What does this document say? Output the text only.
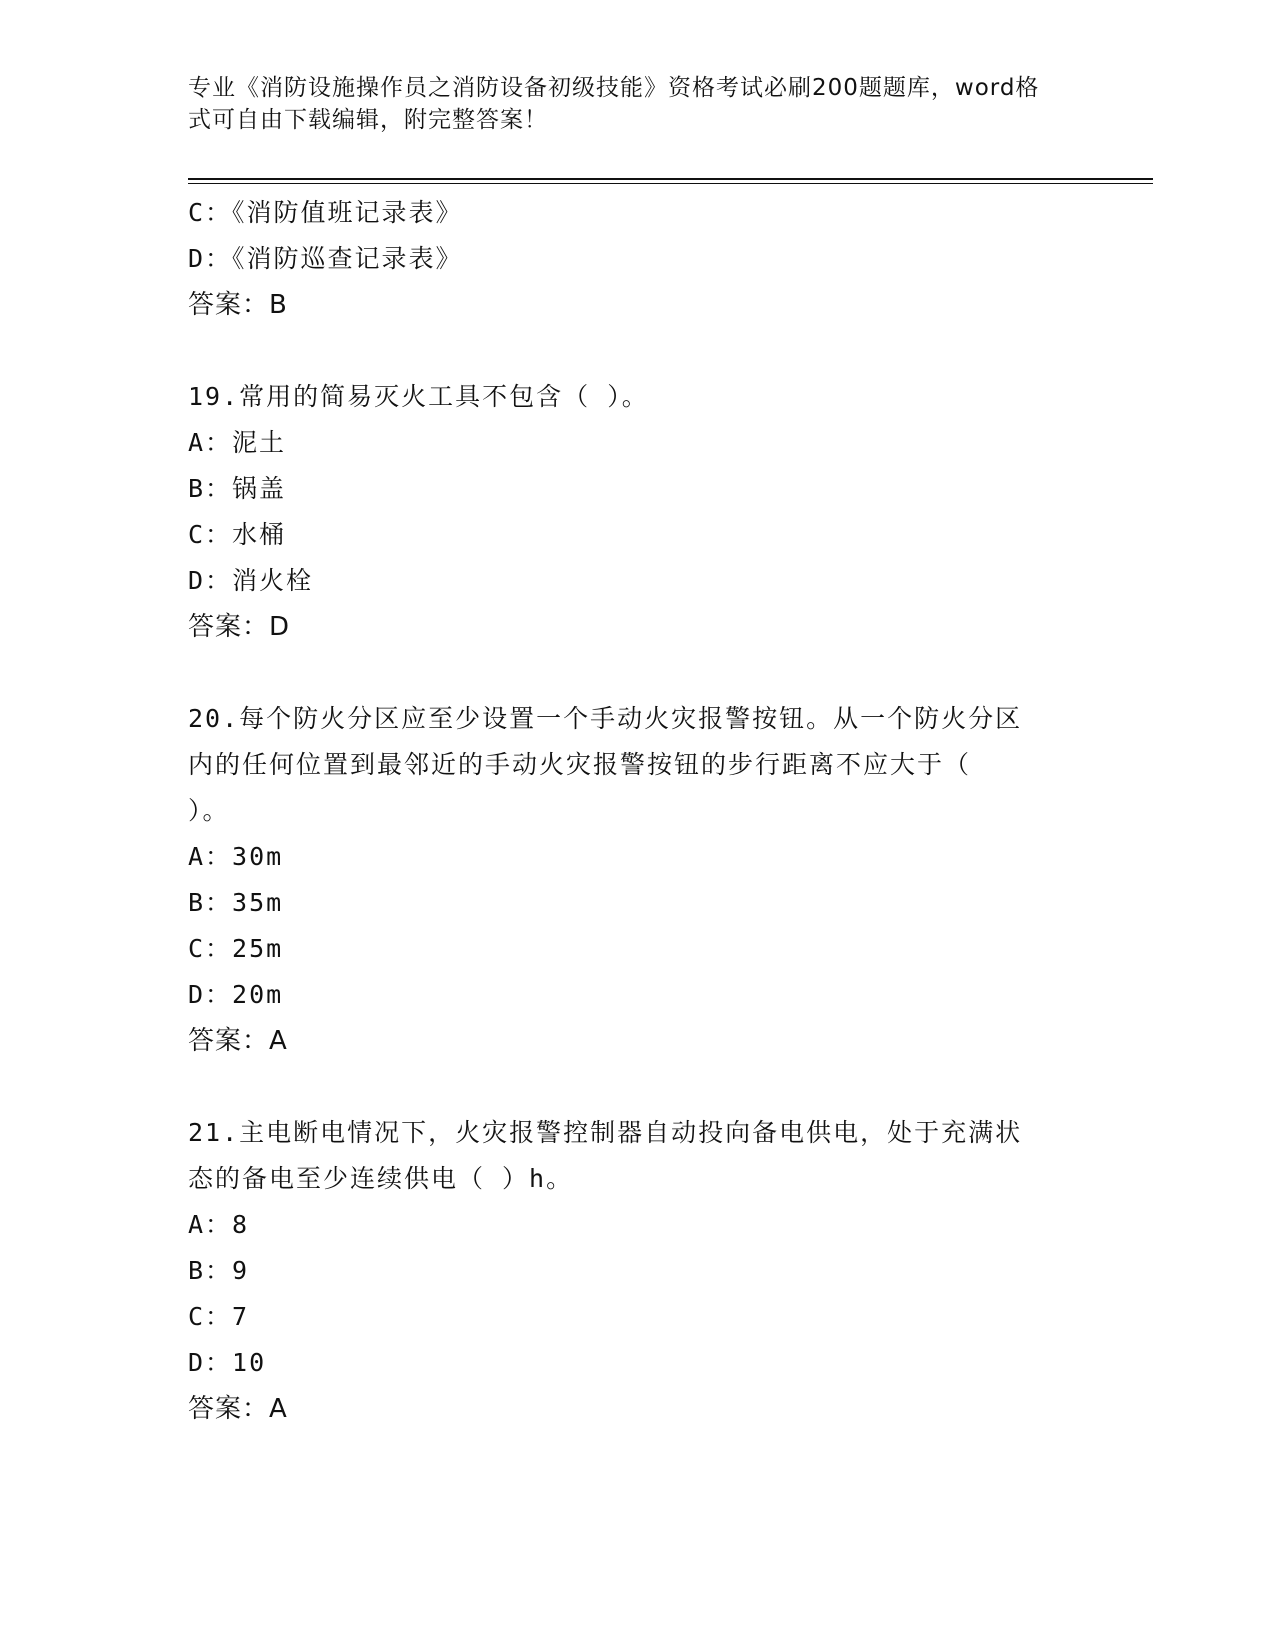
专业《消防设施操作员之消防设备初级技能》资格考试必刷200题题库，word格
式可自由下载编辑，附完整答案！
C：《消防值班记录表》
D：《消防巡查记录表》
答案：B
19.常用的简易灭火工具不包含（ ）。
A：泥土
B：锅盖
C：水桶
D：消火栓
答案：D
20.每个防火分区应至少设置一个手动火灾报警按钮。从一个防火分区
内的任何位置到最邻近的手动火灾报警按钮的步行距离不应大于（
）。
A：30m
B：35m
C：25m
D：20m
答案：A
21.主电断电情况下，火灾报警控制器自动投向备电供电，处于充满状
态的备电至少连续供电（ ）h。
A：8
B：9
C：7
D：10
答案：A
